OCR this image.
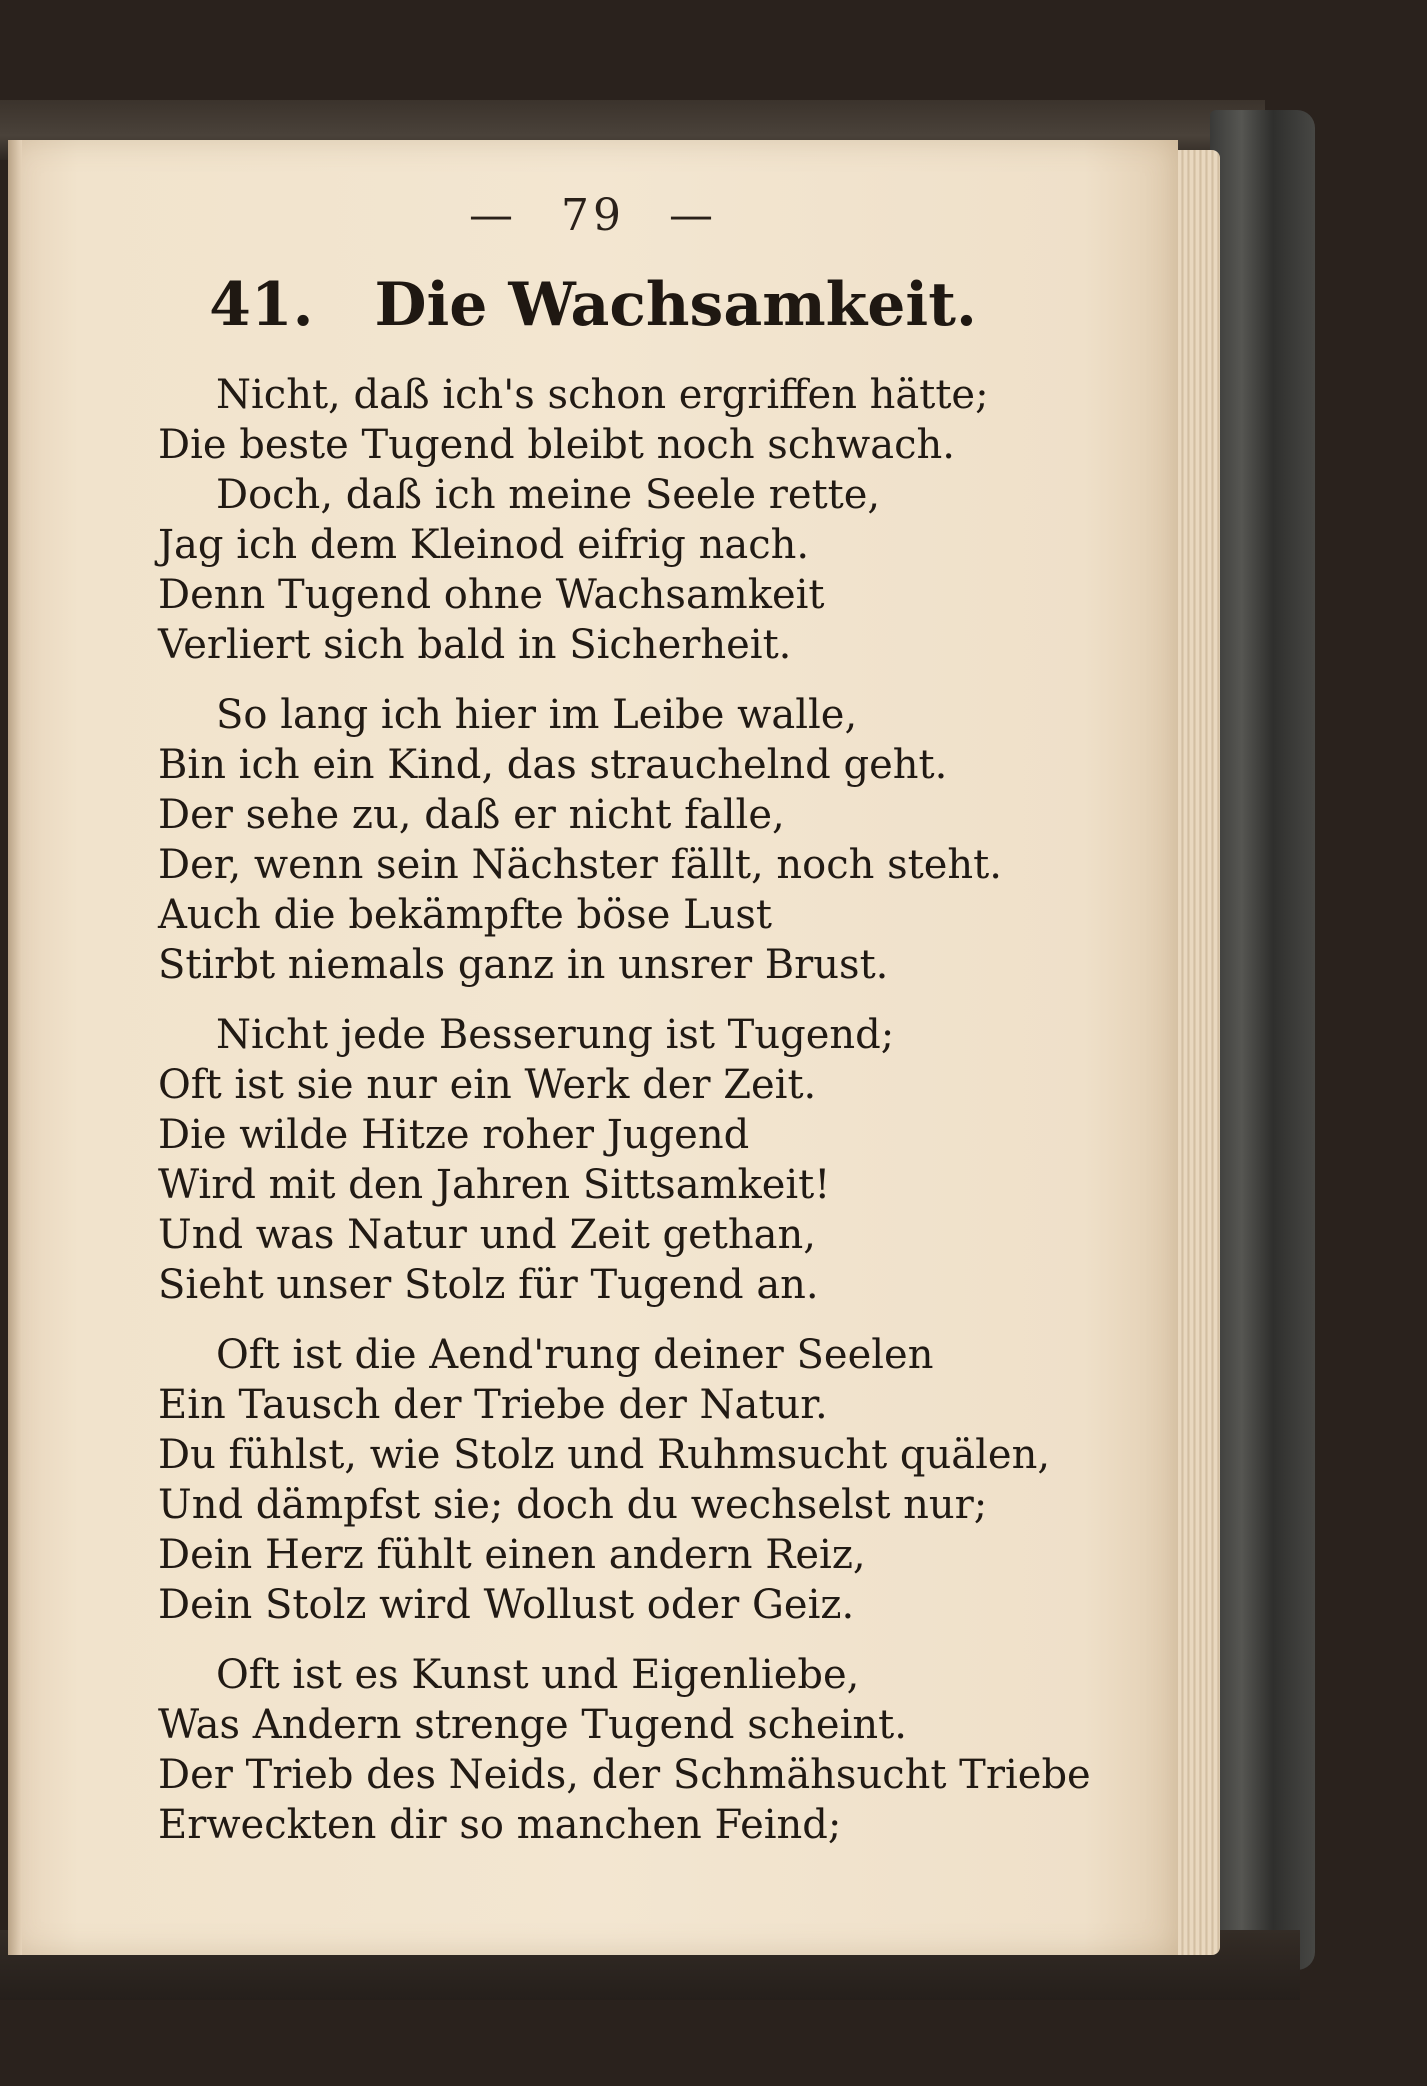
— 79 —
41. Die Wachsamkeit.
Nicht, daß ich's schon ergriffen hätte;
Die beste Tugend bleibt noch schwach.
Doch, daß ich meine Seele rette,
Jag ich dem Kleinod eifrig nach.
Denn Tugend ohne Wachsamkeit
Verliert sich bald in Sicherheit.
So lang ich hier im Leibe walle,
Bin ich ein Kind, das strauchelnd geht.
Der sehe zu, daß er nicht falle,
Der, wenn sein Nächster fällt, noch steht.
Auch die bekämpfte böse Lust
Stirbt niemals ganz in unsrer Brust.
Nicht jede Besserung ist Tugend;
Oft ist sie nur ein Werk der Zeit.
Die wilde Hitze roher Jugend
Wird mit den Jahren Sittsamkeit!
Und was Natur und Zeit gethan,
Sieht unser Stolz für Tugend an.
Oft ist die Aend'rung deiner Seelen
Ein Tausch der Triebe der Natur.
Du fühlst, wie Stolz und Ruhmsucht quälen,
Und dämpfst sie; doch du wechselst nur;
Dein Herz fühlt einen andern Reiz,
Dein Stolz wird Wollust oder Geiz.
Oft ist es Kunst und Eigenliebe,
Was Andern strenge Tugend scheint.
Der Trieb des Neids, der Schmähsucht Triebe
Erweckten dir so manchen Feind;
